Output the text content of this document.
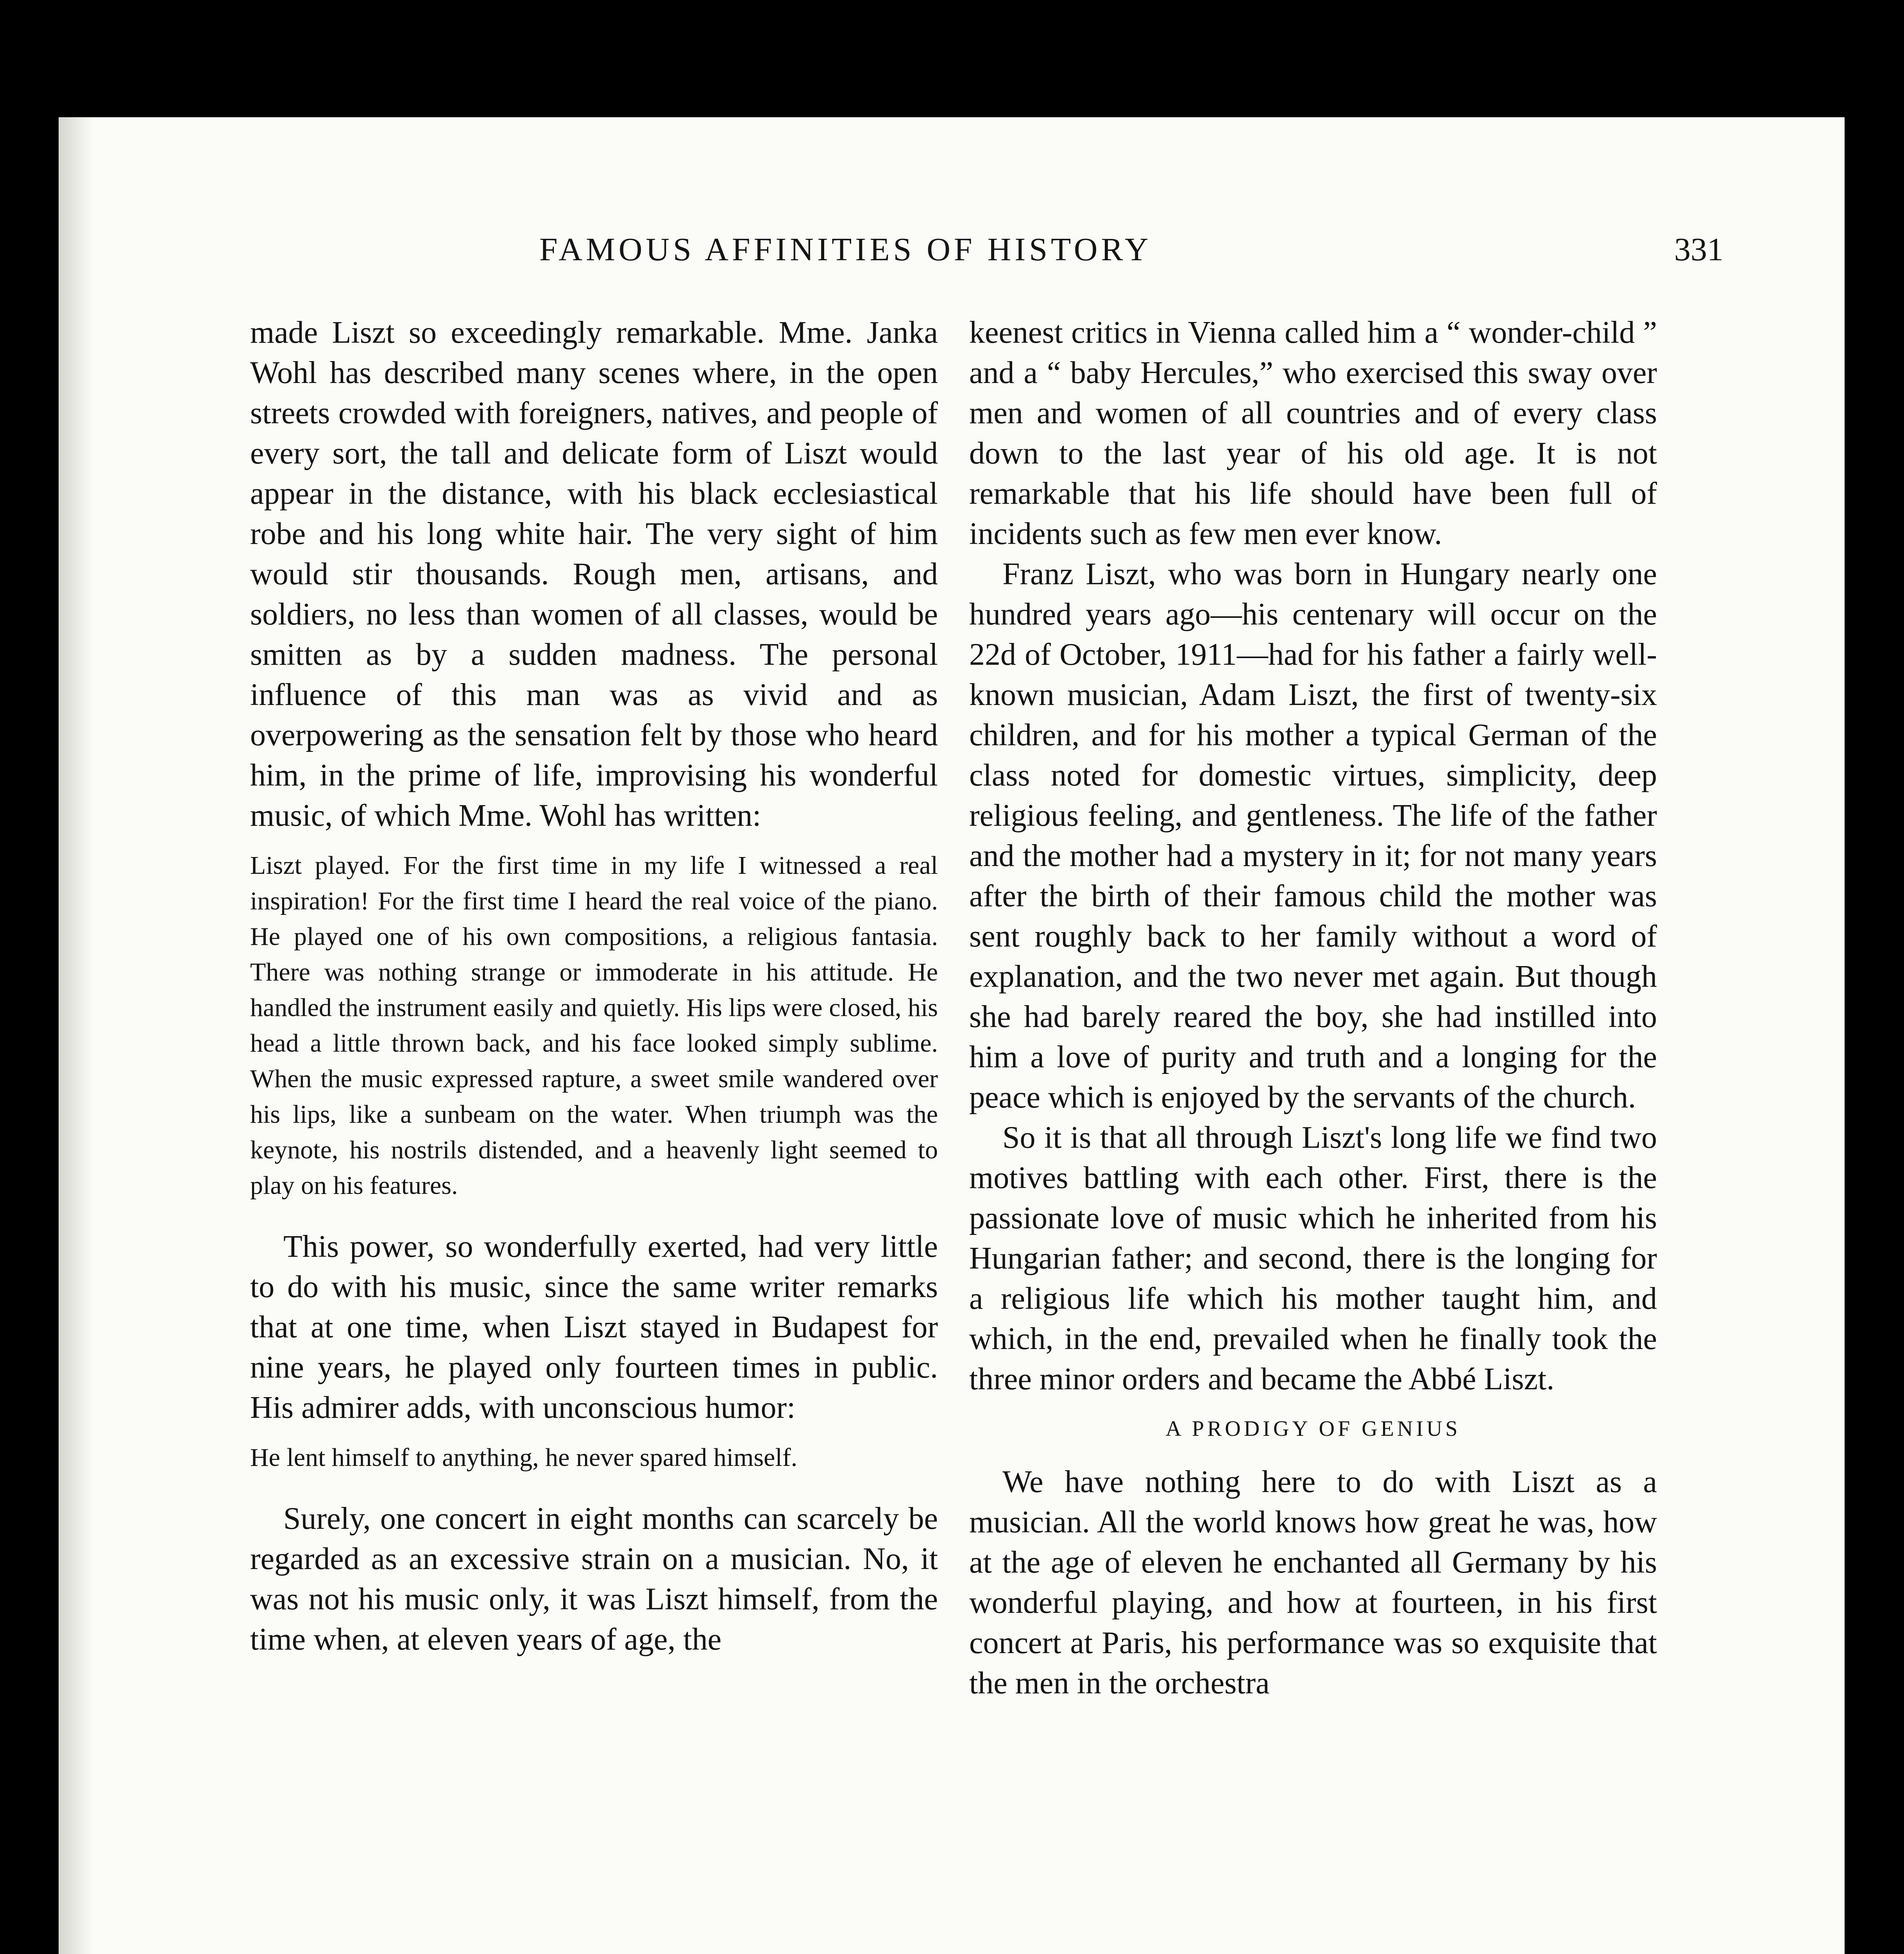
FAMOUS AFFINITIES OF HISTORY	331

made Liszt so exceedingly remarkable. Mme. Janka Wohl has described many scenes where, in the open streets crowded with foreigners, natives, and people of every sort, the tall and delicate form of Liszt would appear in the distance, with his black ecclesiastical robe and his long white hair. The very sight of him would stir thousands. Rough men, artisans, and soldiers, no less than women of all classes, would be smitten as by a sudden madness. The personal influence of this man was as vivid and as overpowering as the sensation felt by those who heard him, in the prime of life, improvising his wonderful music, of which Mme. Wohl has written:

Liszt played. For the first time in my life I witnessed a real inspiration! For the first time I heard the real voice of the piano. He played one of his own compositions, a religious fantasia. There was nothing strange or immoderate in his attitude. He handled the instrument easily and quietly. His lips were closed, his head a little thrown back, and his face looked simply sublime. When the music expressed rapture, a sweet smile wandered over his lips, like a sunbeam on the water. When triumph was the keynote, his nostrils distended, and a heavenly light seemed to play on his features.

This power, so wonderfully exerted, had very little to do with his music, since the same writer remarks that at one time, when Liszt stayed in Budapest for nine years, he played only fourteen times in public. His admirer adds, with unconscious humor:

He lent himself to anything, he never spared himself.

Surely, one concert in eight months can scarcely be regarded as an excessive strain on a musician. No, it was not his music only, it was Liszt himself, from the time when, at eleven years of age, the

keenest critics in Vienna called him a “ wonder-child ” and a “ baby Hercules,” who exercised this sway over men and women of all countries and of every class down to the last year of his old age. It is not remarkable that his life should have been full of incidents such as few men ever know.

Franz Liszt, who was born in Hungary nearly one hundred years ago—his centenary will occur on the 22d of October, 1911—had for his father a fairly well-known musician, Adam Liszt, the first of twenty-six children, and for his mother a typical German of the class noted for domestic virtues, simplicity, deep religious feeling, and gentleness. The life of the father and the mother had a mystery in it; for not many years after the birth of their famous child the mother was sent roughly back to her family without a word of explanation, and the two never met again. But though she had barely reared the boy, she had instilled into him a love of purity and truth and a longing for the peace which is enjoyed by the servants of the church.

So it is that all through Liszt's long life we find two motives battling with each other. First, there is the passionate love of music which he inherited from his Hungarian father; and second, there is the longing for a religious life which his mother taught him, and which, in the end, prevailed when he finally took the three minor orders and became the Abbé Liszt.

A PRODIGY OF GENIUS

We have nothing here to do with Liszt as a musician. All the world knows how great he was, how at the age of eleven he enchanted all Germany by his wonderful playing, and how at fourteen, in his first concert at Paris, his performance was so exquisite that the men in the orchestra
